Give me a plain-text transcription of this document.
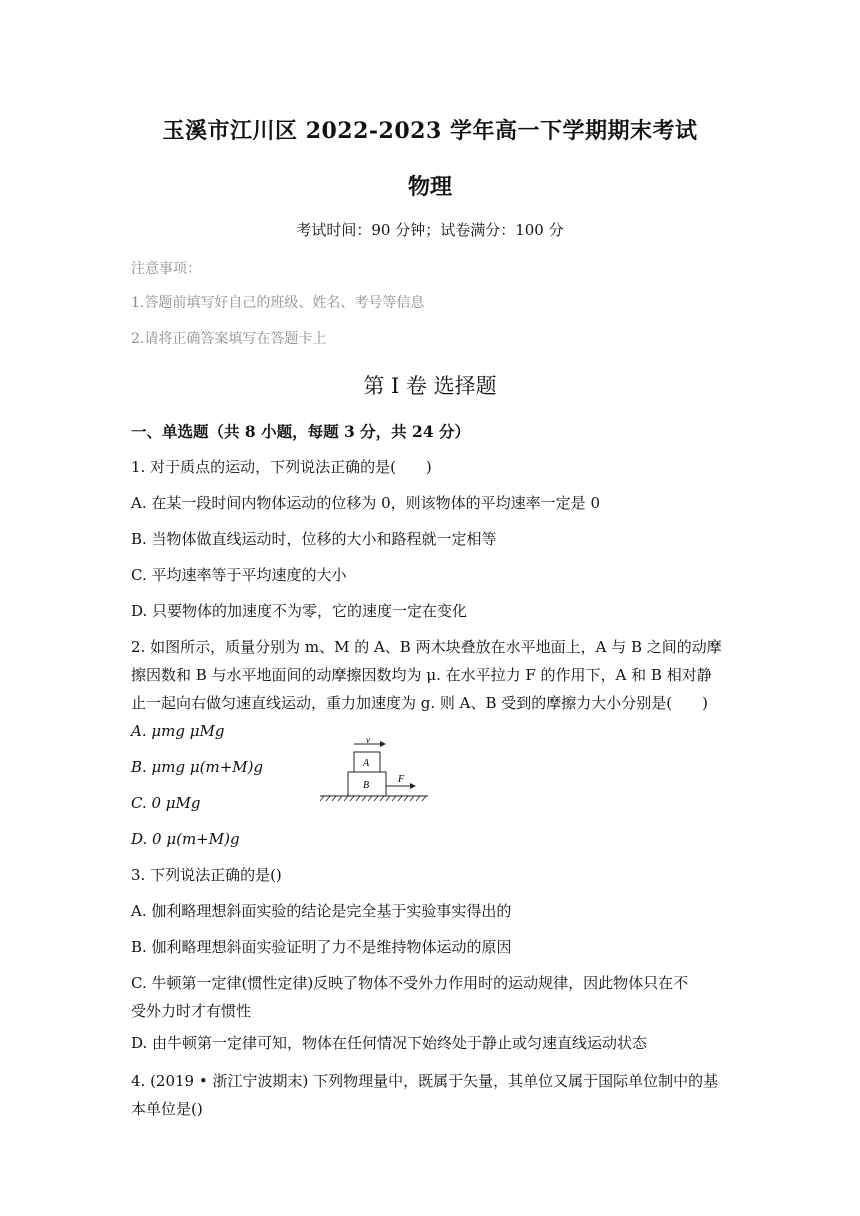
玉溪市江川区 2022-2023 学年高一下学期期末考试
物理
考试时间：90 分钟；试卷满分：100 分
注意事项：
1.答题前填写好自己的班级、姓名、考号等信息
2.请将正确答案填写在答题卡上
第 I 卷 选择题
一、单选题（共 8 小题，每题 3 分，共 24 分）
1. 对于质点的运动，下列说法正确的是(　　)
A. 在某一段时间内物体运动的位移为 0，则该物体的平均速率一定是 0
B. 当物体做直线运动时，位移的大小和路程就一定相等
C. 平均速率等于平均速度的大小
D. 只要物体的加速度不为零，它的速度一定在变化
2. 如图所示，质量分别为 m、M 的 A、B 两木块叠放在水平地面上，A 与 B 之间的动摩
擦因数和 B 与水平地面间的动摩擦因数均为 μ. 在水平拉力 F 的作用下，A 和 B 相对静
止一起向右做匀速直线运动，重力加速度为 g. 则 A、B 受到的摩擦力大小分别是(　　)
A. μmg μMg
B. μmg μ(m+M)g
C. 0 μMg
D. 0 μ(m+M)g
v
A
B
F
3. 下列说法正确的是()
A. 伽利略理想斜面实验的结论是完全基于实验事实得出的
B. 伽利略理想斜面实验证明了力不是维持物体运动的原因
C. 牛顿第一定律(惯性定律)反映了物体不受外力作用时的运动规律，因此物体只在不
受外力时才有惯性
D. 由牛顿第一定律可知，物体在任何情况下始终处于静止或匀速直线运动状态
4. (2019 • 浙江宁波期末) 下列物理量中，既属于矢量，其单位又属于国际单位制中的基
本单位是()
